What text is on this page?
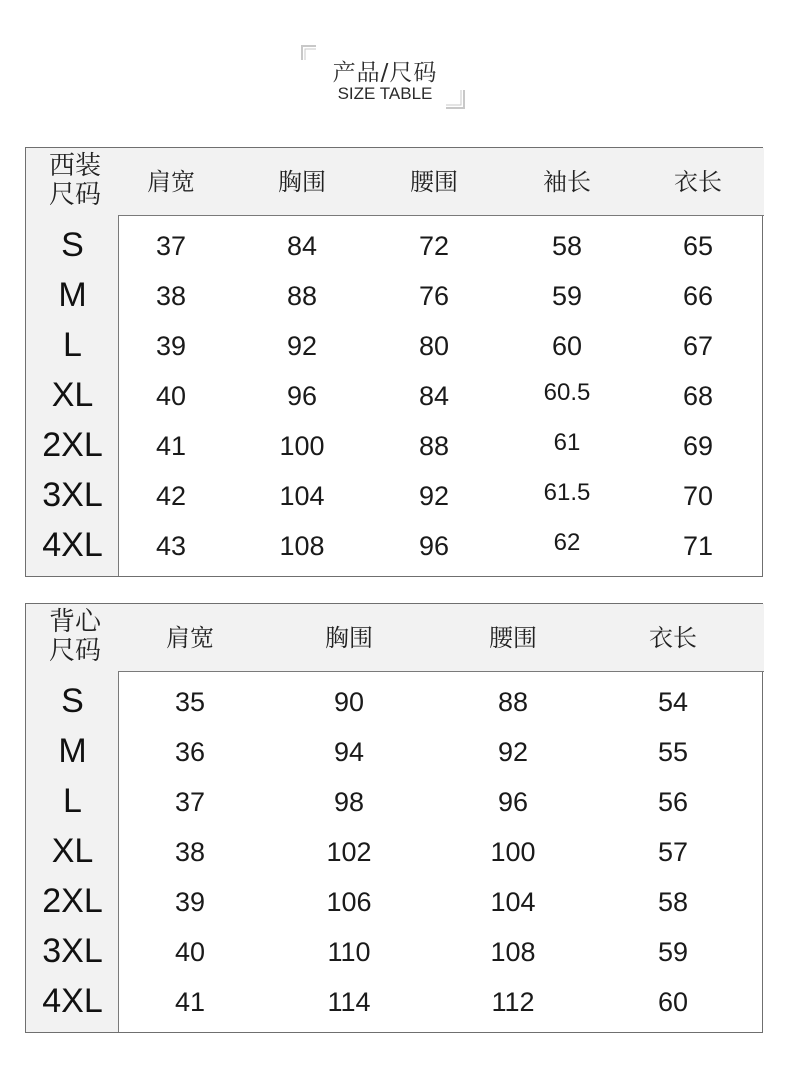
产品/尺码
SIZE TABLE
西装
尺码	肩宽	胸围	腰围	袖长	衣长
S	37	84	72	58	65
M	38	88	76	59	66
L	39	92	80	60	67
XL	40	96	84	60.5	68
2XL	41	100	88	61	69
3XL	42	104	92	61.5	70
4XL	43	108	96	62	71
背心
尺码	肩宽	胸围	腰围	衣长
S	35	90	88	54
M	36	94	92	55
L	37	98	96	56
XL	38	102	100	57
2XL	39	106	104	58
3XL	40	110	108	59
4XL	41	114	112	60
